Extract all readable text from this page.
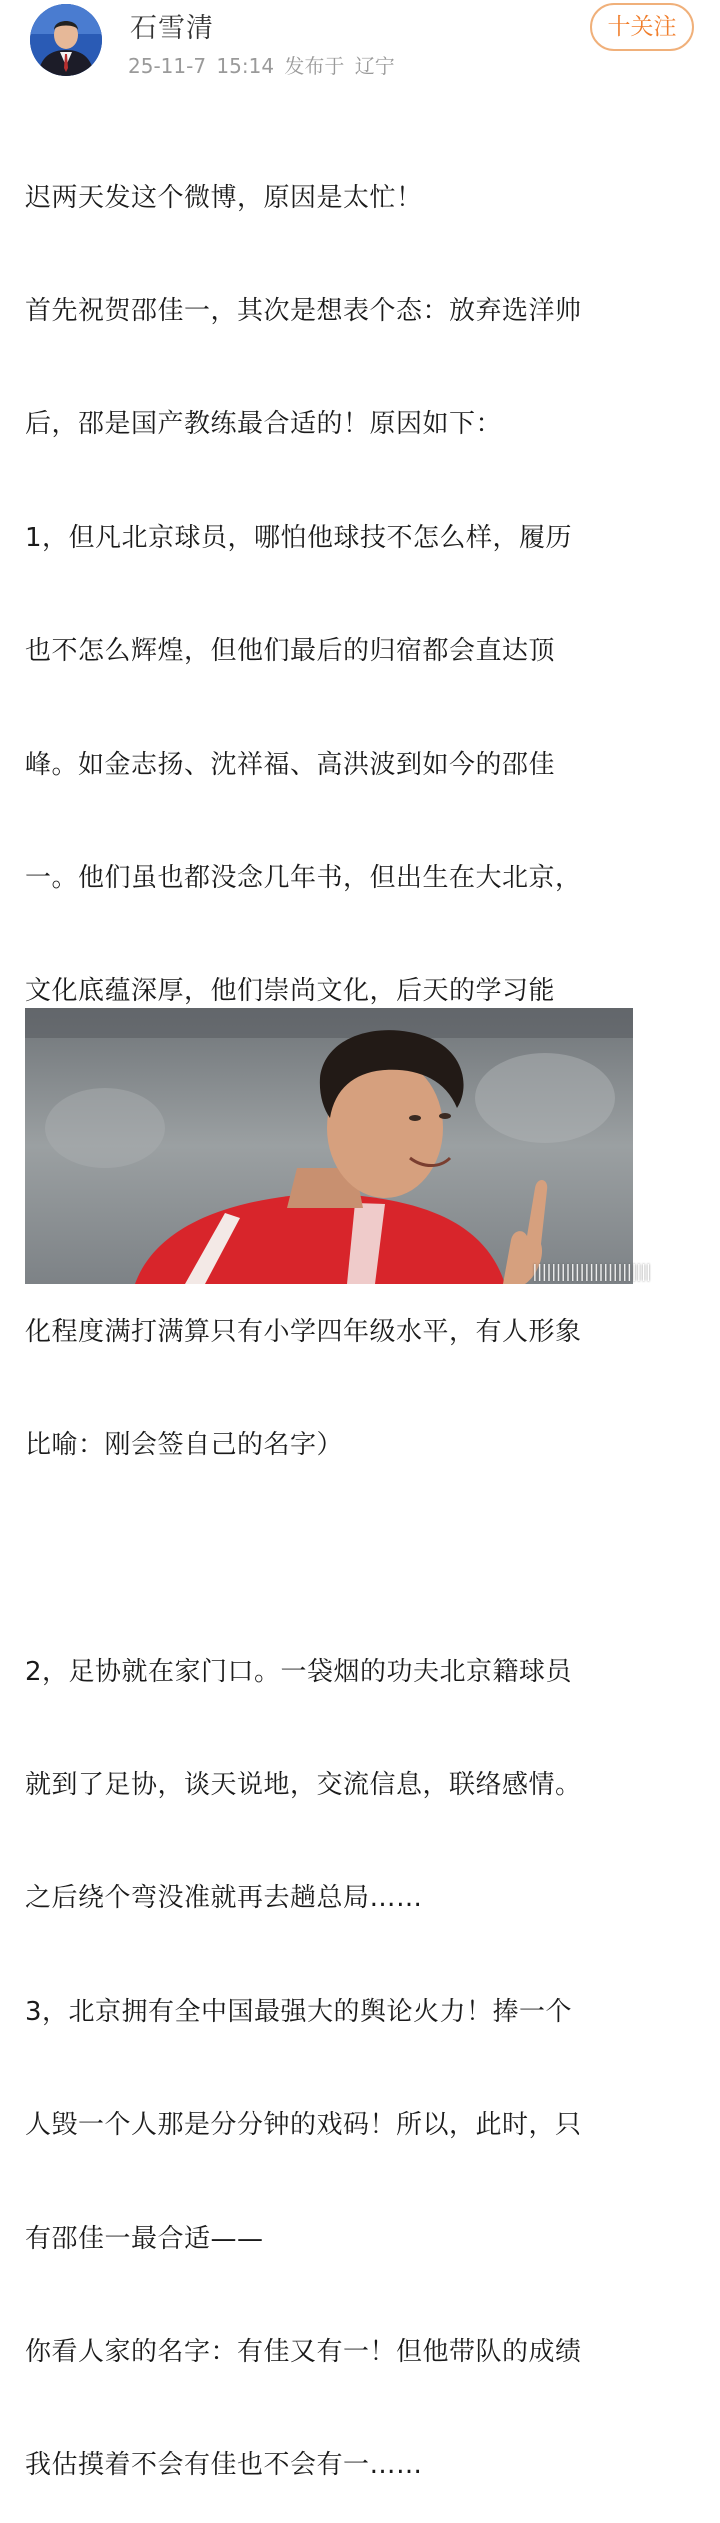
石雪清
25-11-7 15:14 发布于 辽宁
十关注

迟两天发这个微博，原因是太忙！

首先祝贺邵佳一，其次是想表个态：放弃选洋帅

后，邵是国产教练最合适的！原因如下：

1，但凡北京球员，哪怕他球技不怎么样，履历

也不怎么辉煌，但他们最后的归宿都会直达顶

峰。如金志扬、沈祥福、高洪波到如今的邵佳

一。他们虽也都没念几年书，但出生在大北京，

文化底蕴深厚，他们崇尚文化，后天的学习能

化程度满打满算只有小学四年级水平，有人形象

比喻：刚会签自己的名字）

2，足协就在家门口。一袋烟的功夫北京籍球员

就到了足协，谈天说地，交流信息，联络感情。

之后绕个弯没准就再去趟总局……

3，北京拥有全中国最强大的舆论火力！捧一个

人毁一个人那是分分钟的戏码！所以，此时，只

有邵佳一最合适——

你看人家的名字：有佳又有一！但他带队的成绩

我估摸着不会有佳也不会有一……

|||||||||||||||||||||||||
